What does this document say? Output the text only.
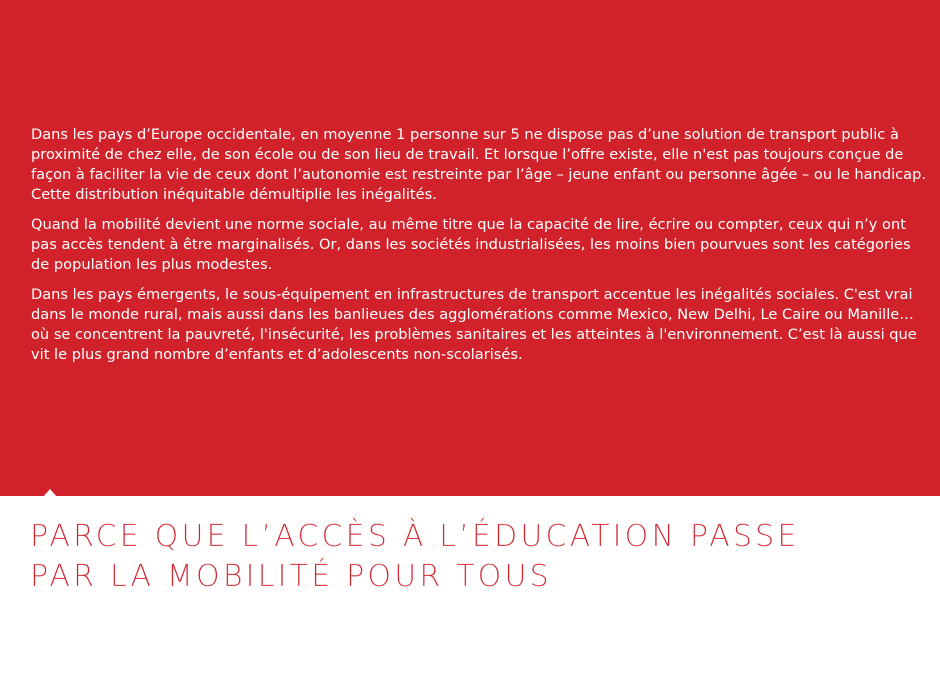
Dans les pays d’Europe occidentale, en moyenne 1 personne sur 5 ne dispose pas d’une solution de transport public à proximité de chez elle, de son école ou de son lieu de travail. Et lorsque l’offre existe, elle n'est pas toujours conçue de façon à faciliter la vie de ceux dont l’autonomie est restreinte par l’âge – jeune enfant ou personne âgée – ou le handicap. Cette distribution inéquitable démultiplie les inégalités.

Quand la mobilité devient une norme sociale, au même titre que la capacité de lire, écrire ou compter, ceux qui n’y ont pas accès tendent à être marginalisés. Or, dans les sociétés industrialisées, les moins bien pourvues sont les catégories de population les plus modestes.

Dans les pays émergents, le sous-équipement en infrastructures de transport accentue les inégalités sociales. C'est vrai dans le monde rural, mais aussi dans les banlieues des agglomérations comme Mexico, New Delhi, Le Caire ou Manille… où se concentrent la pauvreté, l'insécurité, les problèmes sanitaires et les atteintes à l'environnement. C’est là aussi que vit le plus grand nombre d’enfants et d’adolescents non-scolarisés.

PARCE QUE L’ACCÈS À L’ÉDUCATION PASSE
PAR LA MOBILITÉ POUR TOUS
